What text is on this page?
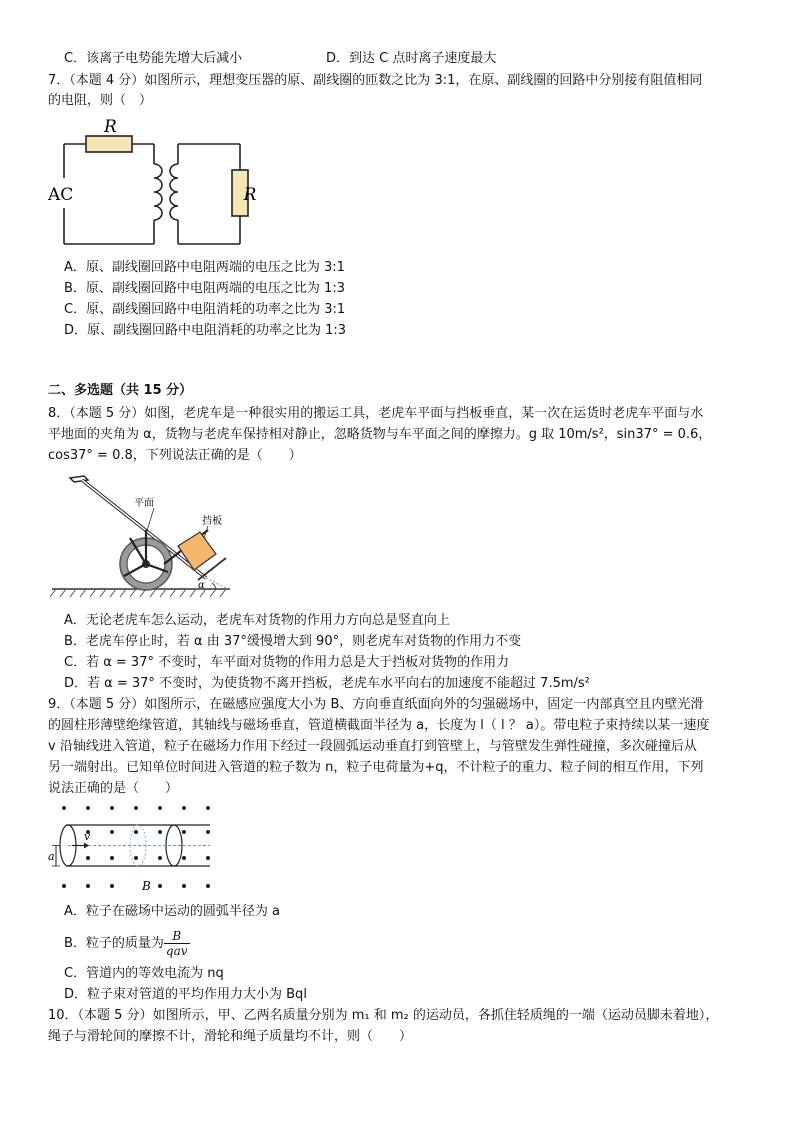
C．该离子电势能先增大后减小	D．到达 C 点时离子速度最大
7．（本题 4 分）如图所示，理想变压器的原、副线圈的匝数之比为 3:1，在原、副线圈的回路中分别接有阻值相同
的电阻，则（　）
R
AC	R
A．原、副线圈回路中电阻两端的电压之比为 3:1
B．原、副线圈回路中电阻两端的电压之比为 1:3
C．原、副线圈回路中电阻消耗的功率之比为 3:1
D．原、副线圈回路中电阻消耗的功率之比为 1:3
二、多选题（共 15 分）
8．（本题 5 分）如图，老虎车是一种很实用的搬运工具，老虎车平面与挡板垂直，某一次在运货时老虎车平面与水
平地面的夹角为 α，货物与老虎车保持相对静止，忽略货物与车平面之间的摩擦力。g 取 10m/s²，sin37° = 0.6，
cos37° = 0.8，下列说法正确的是（　　）
平面
挡板
α
A．无论老虎车怎么运动，老虎车对货物的作用力方向总是竖直向上
B．老虎车停止时，若 α 由 37°缓慢增大到 90°，则老虎车对货物的作用力不变
C．若 α = 37° 不变时，车平面对货物的作用力总是大于挡板对货物的作用力
D．若 α = 37° 不变时，为使货物不离开挡板，老虎车水平向右的加速度不能超过 7.5m/s²
9．（本题 5 分）如图所示，在磁感应强度大小为 B、方向垂直纸面向外的匀强磁场中，固定一内部真空且内壁光滑
的圆柱形薄壁绝缘管道，其轴线与磁场垂直，管道横截面半径为 a，长度为 l（ l ？ a）。带电粒子束持续以某一速度
v 沿轴线进入管道，粒子在磁场力作用下经过一段圆弧运动垂直打到管壁上，与管壁发生弹性碰撞，多次碰撞后从
另一端射出。已知单位时间进入管道的粒子数为 n，粒子电荷量为+q，不计粒子的重力、粒子间的相互作用，下列
说法正确的是（　　）
a
v
B
A．粒子在磁场中运动的圆弧半径为 a
B．粒子的质量为 $\frac{B}{\text{qav}}$
C．管道内的等效电流为 nq
D．粒子束对管道的平均作用力大小为 Bql
10．（本题 5 分）如图所示，甲、乙两名质量分别为 m₁ 和 m₂ 的运动员，各抓住轻质绳的一端（运动员脚未着地），
绳子与滑轮间的摩擦不计，滑轮和绳子质量均不计，则（　　）
